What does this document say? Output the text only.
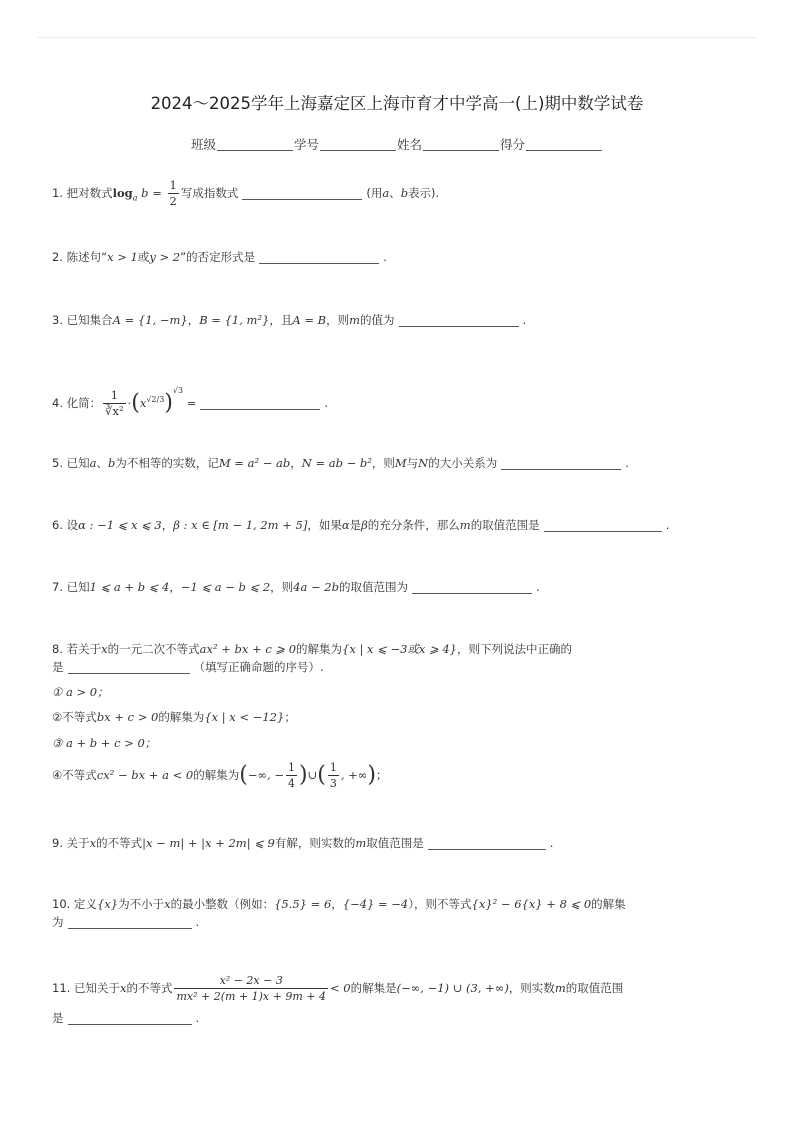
2024～2025学年上海嘉定区上海市育才中学高一(上)期中数学试卷
班级	学号	姓名	得分
1. 把对数式$\log_a b = \frac{1}{2}$ 写成指数式	(用a、b表示).
2. 陈述句“x > 1或y > 2”的否定形式是	.
3. 已知集合A = {1, −m}，B = {1, m²}，且A = B，则m的值为	.
4. 化简： $\frac{1}{\text{∛x²}} \cdot(x^{√2/3})^{√3}$ =	.
5. 已知a、b为不相等的实数，记M = a² − ab，N = ab − b²，则M与N的大小关系为	.
6. 设α : −1 ⩽ x ⩽ 3，β : x ∈ [m − 1, 2m + 5]，如果α是β的充分条件，那么m的取值范围是	.
7. 已知1 ⩽ a + b ⩽ 4，−1 ⩽ a − b ⩽ 2，则4a − 2b的取值范围为	.
8. 若关于x的一元二次不等式ax² + bx + c ⩾ 0的解集为{x | x ⩽ −3或x ⩾ 4}，则下列说法中正确的
是	（填写正确命题的序号）.
① a > 0；
②不等式bx + c > 0的解集为{x | x < −12}；
③ a + b + c > 0；
④不等式cx² − bx + a < 0的解集为(−∞, − $\frac{1}{4}$ )∪( $\frac{1}{3}$ , +∞)；
9. 关于x的不等式|x − m| + |x + 2m| ⩽ 9有解，则实数的m取值范围是	.
10. 定义{x}为不小于x的最小整数（例如：{5.5} = 6，{−4} = −4），则不等式{x}² − 6{x} + 8 ⩽ 0的解集
为	.
11. 已知关于x的不等式 $\frac{\text{x² − 2x − 3}}{\text{mx² + 2(m + 1)x + 9m + 4}} < 0$的解集是(−∞, −1) ∪ (3, +∞)，则实数m的取值范围
是	.
